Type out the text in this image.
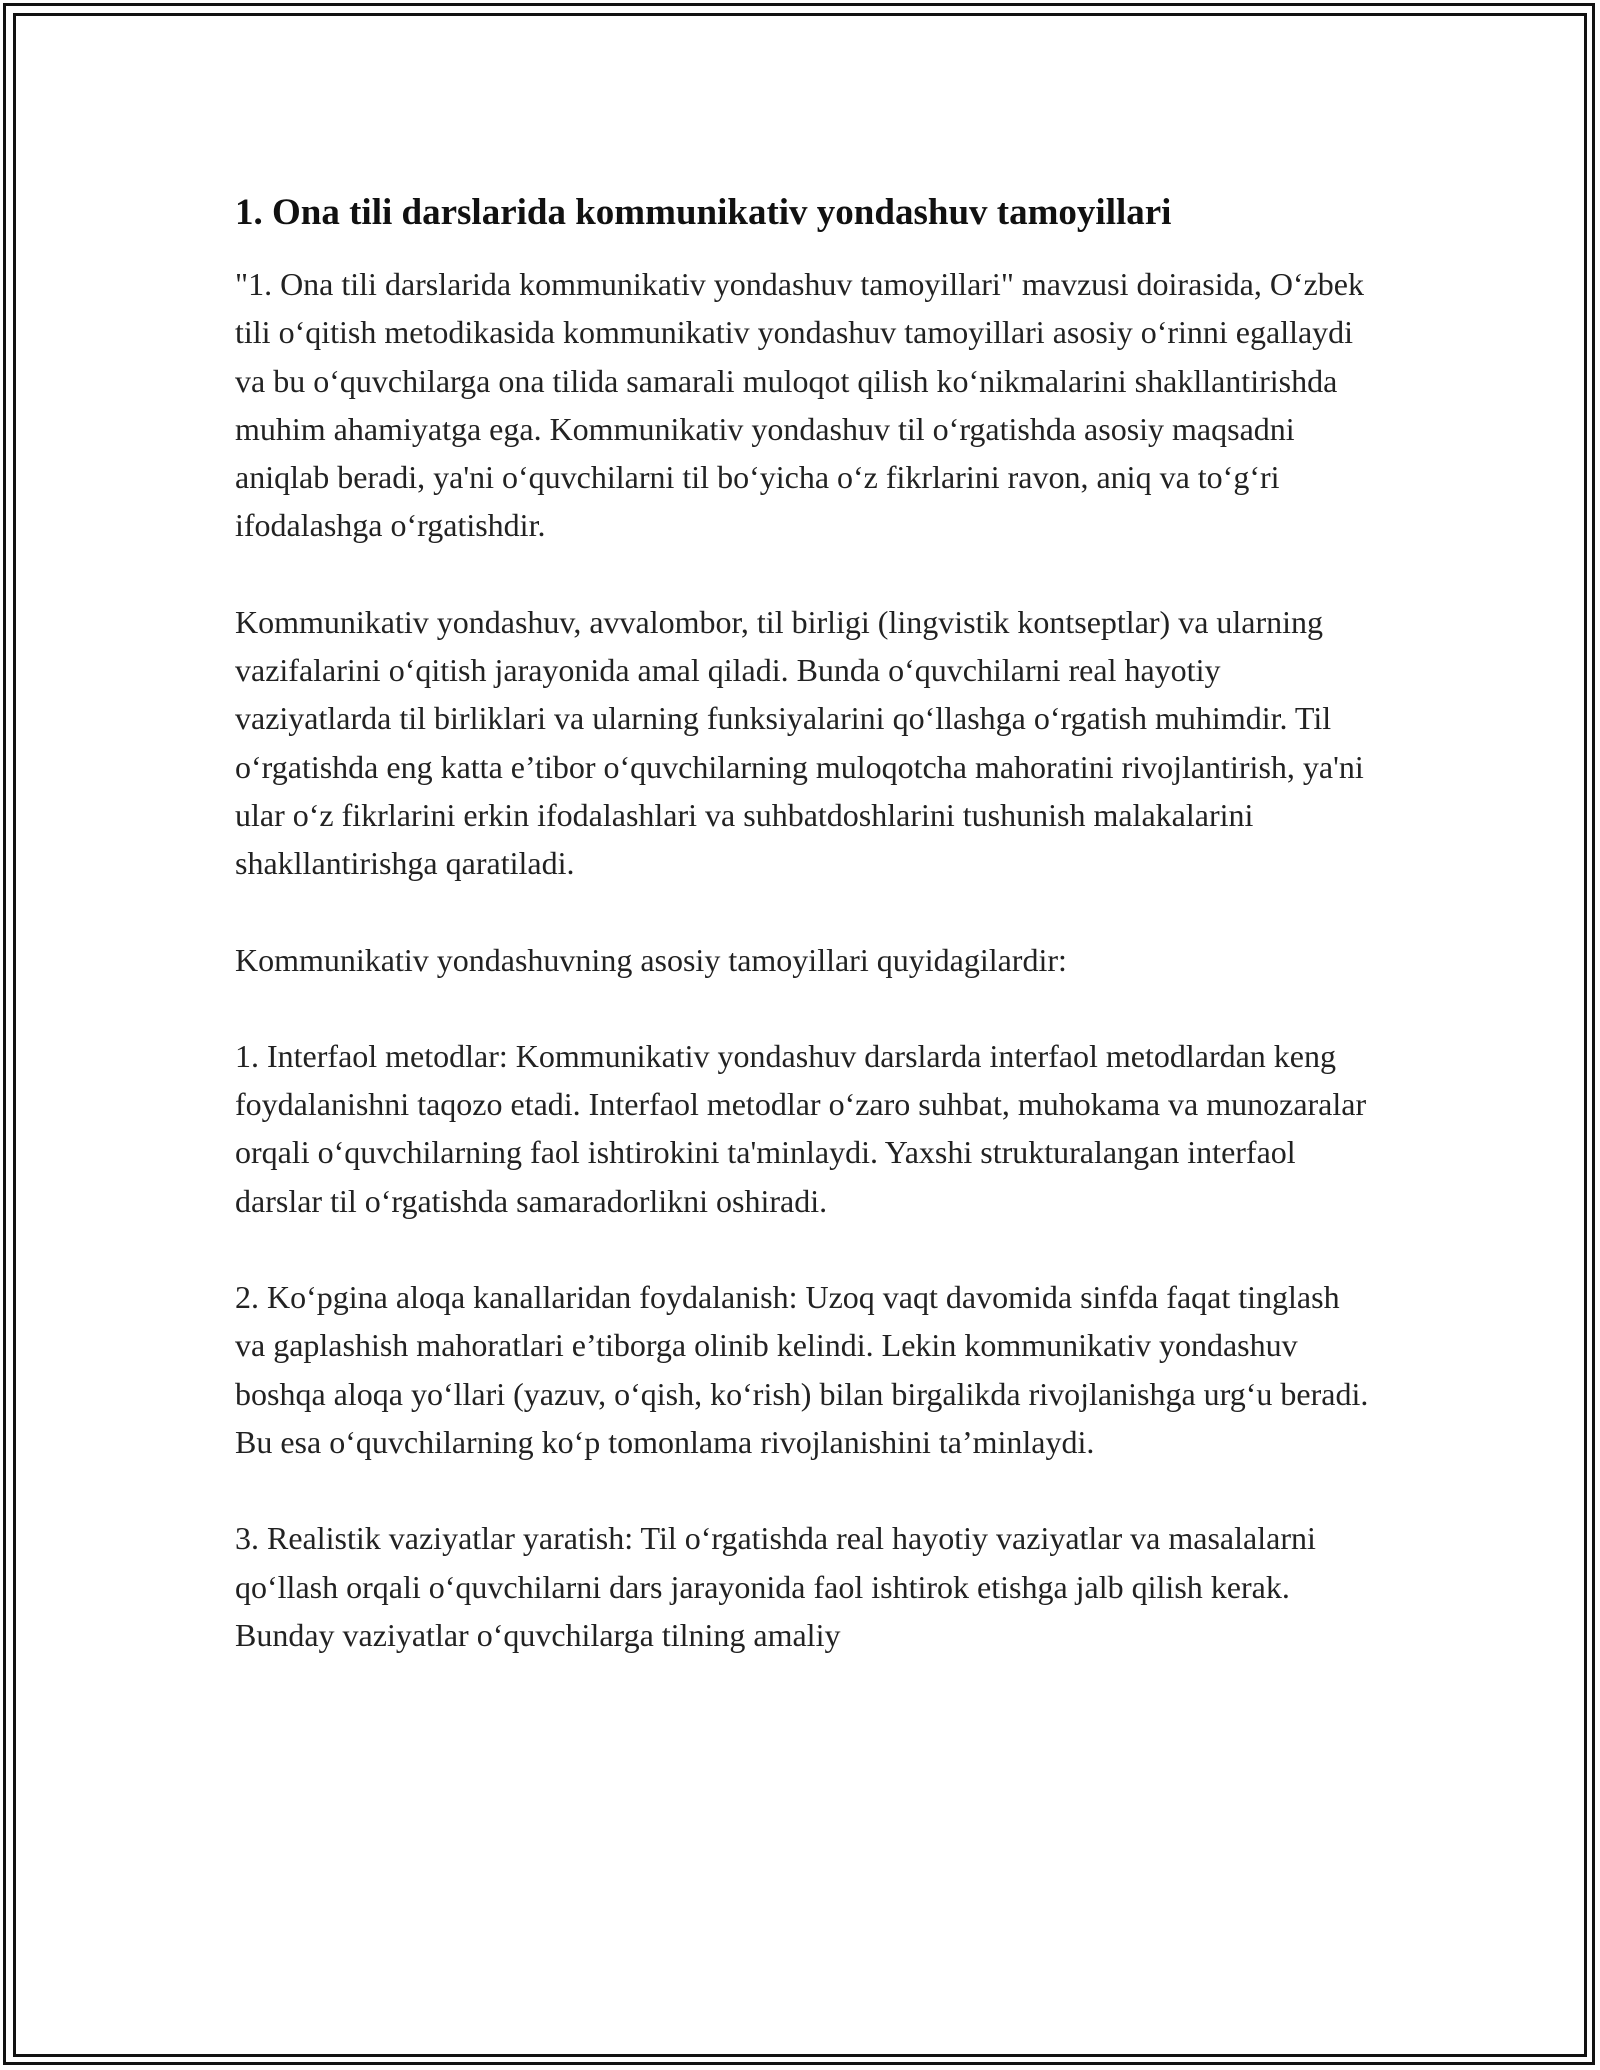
1. Ona tili darslarida kommunikativ yondashuv tamoyillari

"1. Ona tili darslarida kommunikativ yondashuv tamoyillari" mavzusi doirasida, O‘zbek tili o‘qitish metodikasida kommunikativ yondashuv tamoyillari asosiy o‘rinni egallaydi va bu o‘quvchilarga ona tilida samarali muloqot qilish ko‘nikmalarini shakllantirishda muhim ahamiyatga ega. Kommunikativ yondashuv til o‘rgatishda asosiy maqsadni aniqlab beradi, ya'ni o‘quvchilarni til bo‘yicha o‘z fikrlarini ravon, aniq va to‘g‘ri ifodalashga o‘rgatishdir.

Kommunikativ yondashuv, avvalombor, til birligi (lingvistik kontseptlar) va ularning vazifalarini o‘qitish jarayonida amal qiladi. Bunda o‘quvchilarni real hayotiy vaziyatlarda til birliklari va ularning funksiyalarini qo‘llashga o‘rgatish muhimdir. Til o‘rgatishda eng katta e’tibor o‘quvchilarning muloqotcha mahoratini rivojlantirish, ya'ni ular o‘z fikrlarini erkin ifodalashlari va suhbatdoshlarini tushunish malakalarini shakllantirishga qaratiladi.

Kommunikativ yondashuvning asosiy tamoyillari quyidagilardir:

1. Interfaol metodlar: Kommunikativ yondashuv darslarda interfaol metodlardan keng foydalanishni taqozo etadi. Interfaol metodlar o‘zaro suhbat, muhokama va munozaralar orqali o‘quvchilarning faol ishtirokini ta'minlaydi. Yaxshi strukturalangan interfaol darslar til o‘rgatishda samaradorlikni oshiradi.

2. Ko‘pgina aloqa kanallaridan foydalanish: Uzoq vaqt davomida sinfda faqat tinglash va gaplashish mahoratlari e’tiborga olinib kelindi. Lekin kommunikativ yondashuv boshqa aloqa yo‘llari (yazuv, o‘qish, ko‘rish) bilan birgalikda rivojlanishga urg‘u beradi. Bu esa o‘quvchilarning ko‘p tomonlama rivojlanishini ta’minlaydi.

3. Realistik vaziyatlar yaratish: Til o‘rgatishda real hayotiy vaziyatlar va masalalarni qo‘llash orqali o‘quvchilarni dars jarayonida faol ishtirok etishga jalb qilish kerak. Bunday vaziyatlar o‘quvchilarga tilning amaliy
